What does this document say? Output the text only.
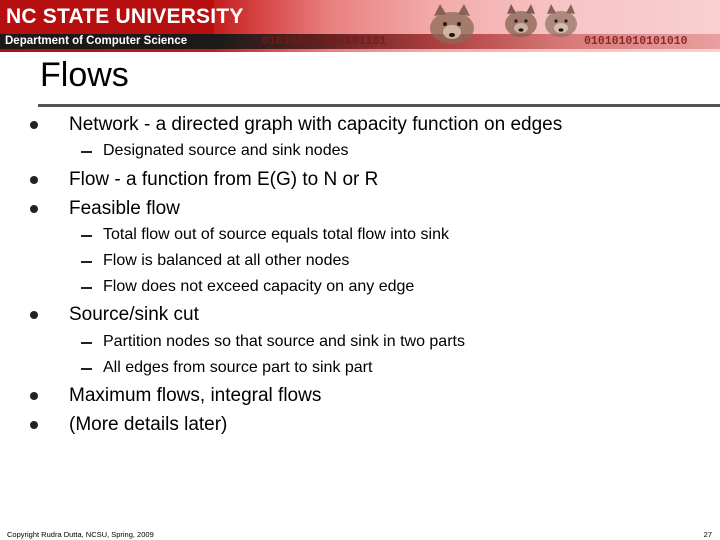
NC STATE UNIVERSITY
Department of Computer Science	010100111110101101	010101010101010
Flows
Network - a directed graph with capacity function on edges
Designated source and sink nodes
Flow - a function from E(G) to N or R
Feasible flow
Total flow out of source equals total flow into sink
Flow is balanced at all other nodes
Flow does not exceed capacity on any edge
Source/sink cut
Partition nodes so that source and sink in two parts
All edges from source part to sink part
Maximum flows, integral flows
(More details later)
Copyright Rudra Dutta, NCSU, Spring, 2009	27
